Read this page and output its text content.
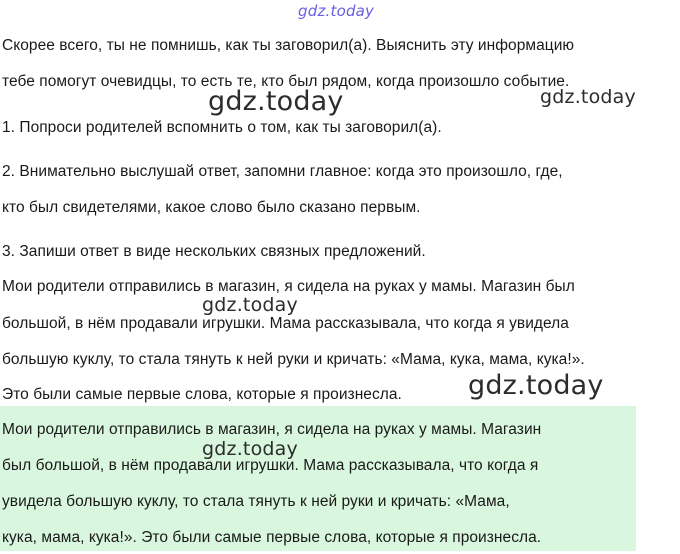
gdz.today
Скорее всего, ты не помнишь, как ты заговорил(а). Выяснить эту информацию
тебе помогут очевидцы, то есть те, кто был рядом, когда произошло событие.
1. Попроси родителей вспомнить о том, как ты заговорил(а).
2. Внимательно выслушай ответ, запомни главное: когда это произошло, где,
кто был свидетелями, какое слово было сказано первым.
3. Запиши ответ в виде нескольких связных предложений.
Мои родители отправились в магазин, я сидела на руках у мамы. Магазин был
большой, в нём продавали игрушки. Мама рассказывала, что когда я увидела
большую куклу, то стала тянуть к ней руки и кричать: «Мама, кука, мама, кука!».
Это были самые первые слова, которые я произнесла.
Мои родители отправились в магазин, я сидела на руках у мамы. Магазин
был большой, в нём продавали игрушки. Мама рассказывала, что когда я
увидела большую куклу, то стала тянуть к ней руки и кричать: «Мама,
кука, мама, кука!». Это были самые первые слова, которые я произнесла.
gdz.today	gdz.today
gdz.today
gdz.today
gdz.today
